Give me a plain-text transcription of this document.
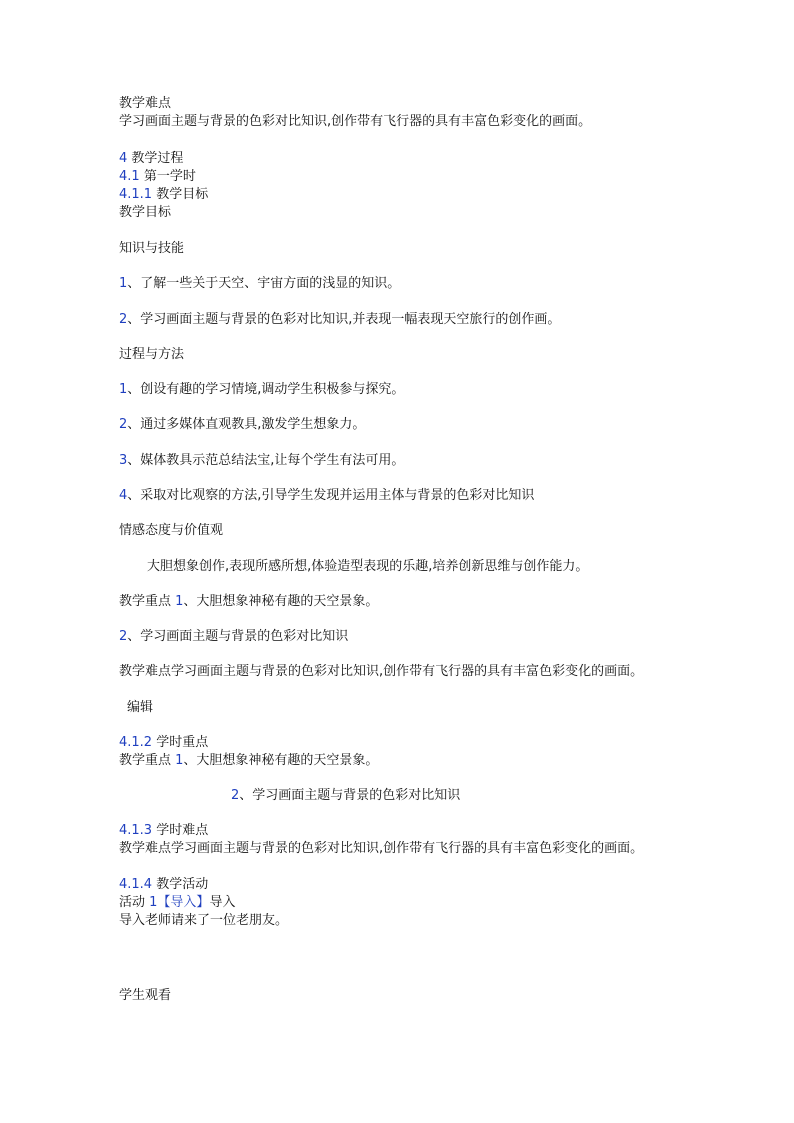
教学难点
学习画面主题与背景的色彩对比知识,创作带有飞行器的具有丰富色彩变化的画面。
4 教学过程
4.1 第一学时
4.1.1 教学目标
教学目标
知识与技能
1、了解一些关于天空、宇宙方面的浅显的知识。
2、学习画面主题与背景的色彩对比知识,并表现一幅表现天空旅行的创作画。
过程与方法
1、创设有趣的学习情境,调动学生积极参与探究。
2、通过多媒体直观教具,激发学生想象力。
3、媒体教具示范总结法宝,让每个学生有法可用。
4、采取对比观察的方法,引导学生发现并运用主体与背景的色彩对比知识
情感态度与价值观
大胆想象创作,表现所感所想,体验造型表现的乐趣,培养创新思维与创作能力。
教学重点 1、大胆想象神秘有趣的天空景象。
2、学习画面主题与背景的色彩对比知识
教学难点学习画面主题与背景的色彩对比知识,创作带有飞行器的具有丰富色彩变化的画面。
编辑
4.1.2 学时重点
教学重点 1、大胆想象神秘有趣的天空景象。
2、学习画面主题与背景的色彩对比知识
4.1.3 学时难点
教学难点学习画面主题与背景的色彩对比知识,创作带有飞行器的具有丰富色彩变化的画面。
4.1.4 教学活动
活动 1【导入】导入
导入老师请来了一位老朋友。
学生观看
